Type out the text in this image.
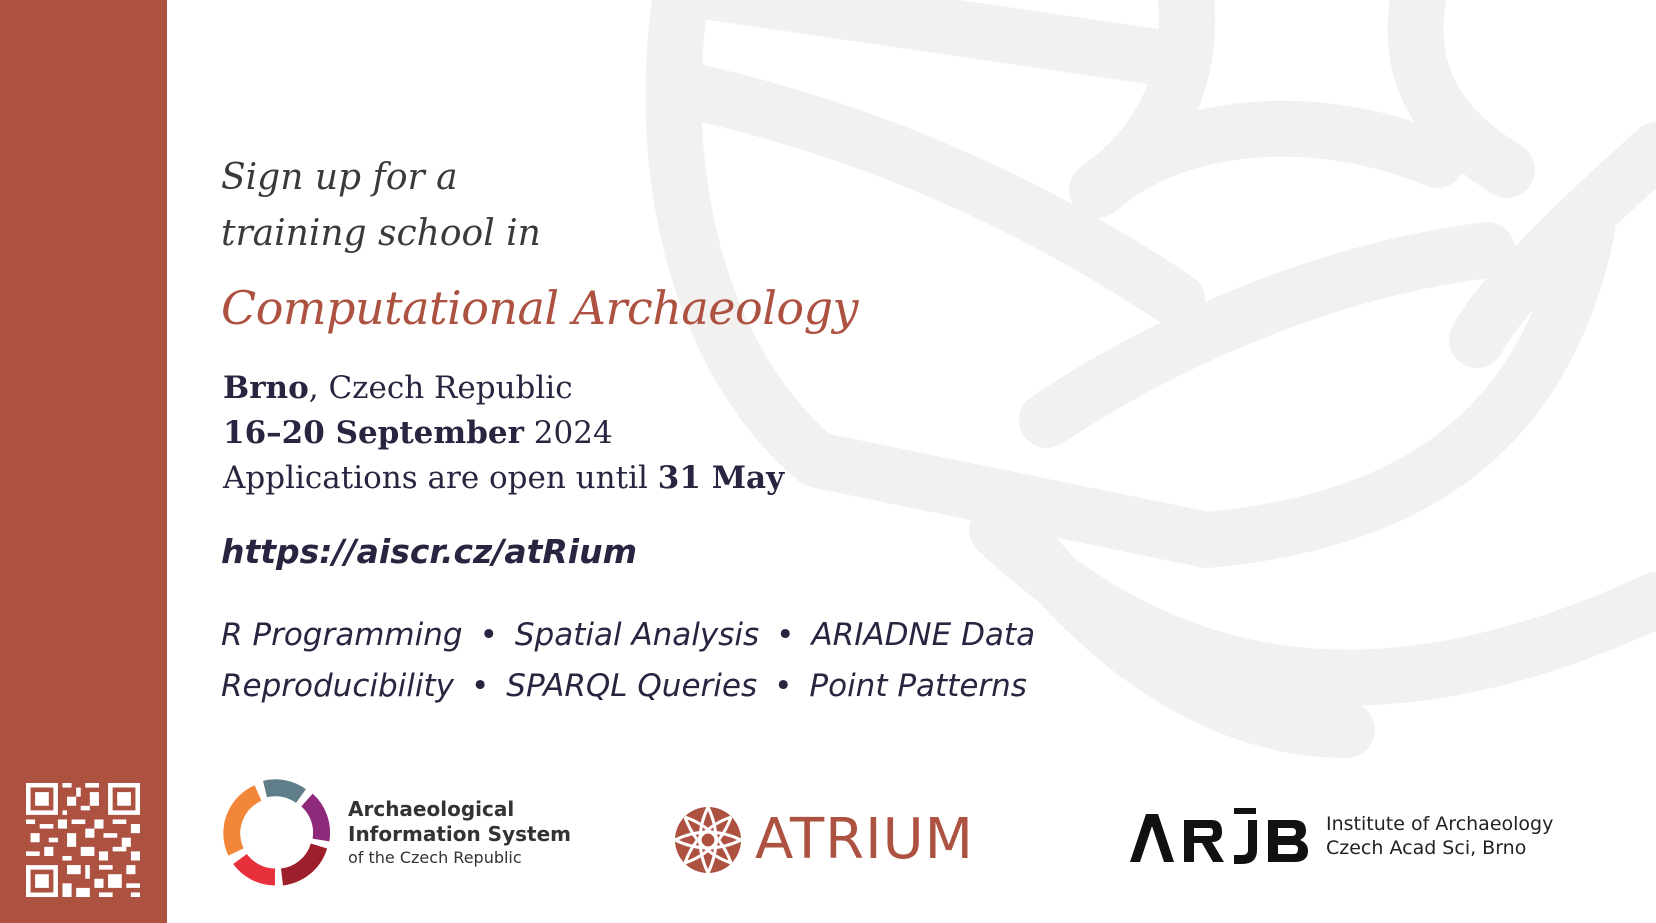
Sign up for a
training school in
Computational Archaeology
Brno, Czech Republic
16–20 September 2024
Applications are open until 31 May
https://aiscr.cz/atRium
R Programming • Spatial Analysis • ARIADNE Data
Reproducibility • SPARQL Queries • Point Patterns
Archaeological
Information System
of the Czech Republic	ATRIUM	Institute of Archaeology
Czech Acad Sci, Brno
